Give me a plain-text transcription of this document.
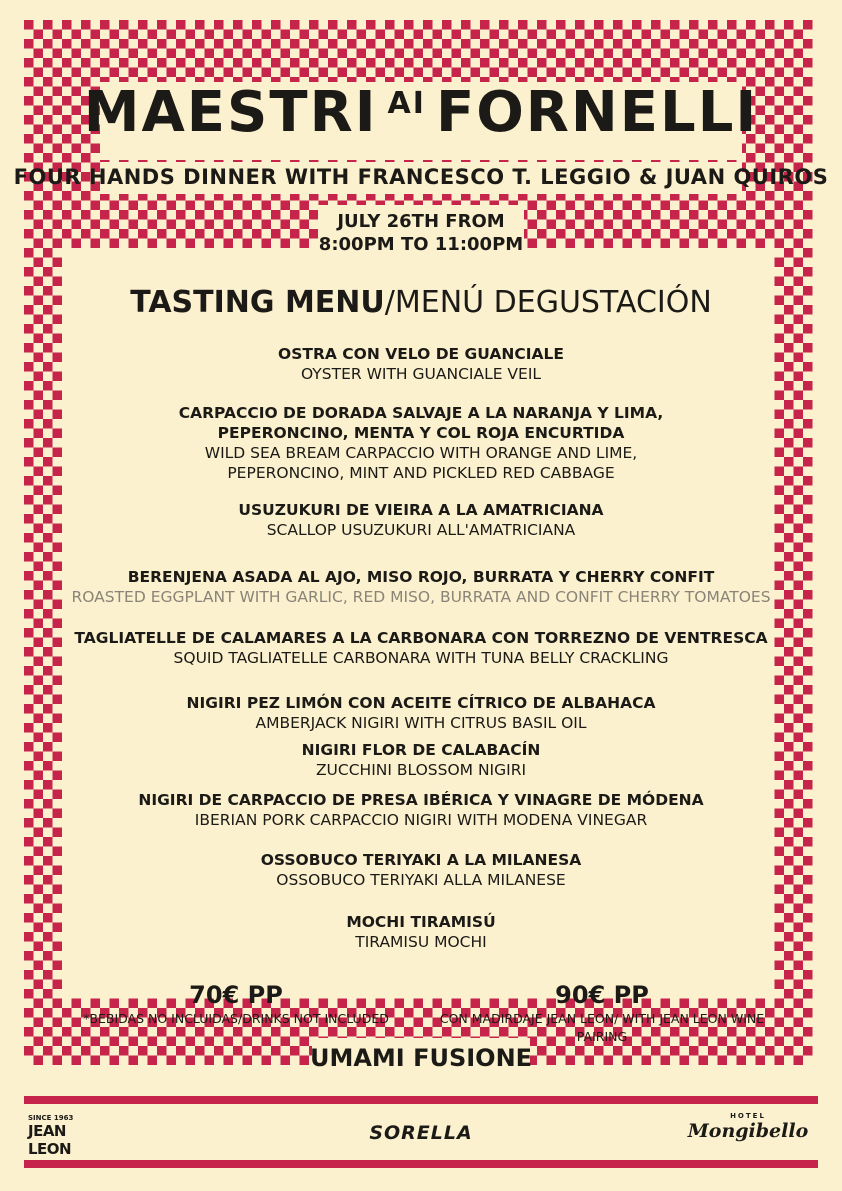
MAESTRI $^{AI}$ FORNELLI
FOUR HANDS DINNER WITH FRANCESCO T. LEGGIO & JUAN QUIROS
JULY 26TH FROM
8:00PM TO 11:00PM
TASTING MENU/MENÚ DEGUSTACIÓN
OSTRA CON VELO DE GUANCIALE
OYSTER WITH GUANCIALE VEIL
CARPACCIO DE DORADA SALVAJE A LA NARANJA Y LIMA,
PEPERONCINO, MENTA Y COL ROJA ENCURTIDA
WILD SEA BREAM CARPACCIO WITH ORANGE AND LIME,
PEPERONCINO, MINT AND PICKLED RED CABBAGE
USUZUKURI DE VIEIRA A LA AMATRICIANA
SCALLOP USUZUKURI ALL'AMATRICIANA
BERENJENA ASADA AL AJO, MISO ROJO, BURRATA Y CHERRY CONFIT
ROASTED EGGPLANT WITH GARLIC, RED MISO, BURRATA AND CONFIT CHERRY TOMATOES
TAGLIATELLE DE CALAMARES A LA CARBONARA CON TORREZNO DE VENTRESCA
SQUID TAGLIATELLE CARBONARA WITH TUNA BELLY CRACKLING
NIGIRI PEZ LIMÓN CON ACEITE CÍTRICO DE ALBAHACA
AMBERJACK NIGIRI WITH CITRUS BASIL OIL
NIGIRI FLOR DE CALABACÍN
ZUCCHINI BLOSSOM NIGIRI
NIGIRI DE CARPACCIO DE PRESA IBÉRICA Y VINAGRE DE MÓDENA
IBERIAN PORK CARPACCIO NIGIRI WITH MODENA VINEGAR
OSSOBUCO TERIYAKI A LA MILANESA
OSSOBUCO TERIYAKI ALLA MILANESE
MOCHI TIRAMISÚ
TIRAMISU MOCHI
70€ PP
*BEBIDAS NO INCLUIDAS/DRINKS NOT INCLUDED
90€ PP
CON MADIRDAJE JEAN LEON/ WITH JEAN LEON WINE PAIRING
UMAMI FUSIONE
SINCE 1963
JEAN LEON
SORELLA
HOTEL
Mongibello
